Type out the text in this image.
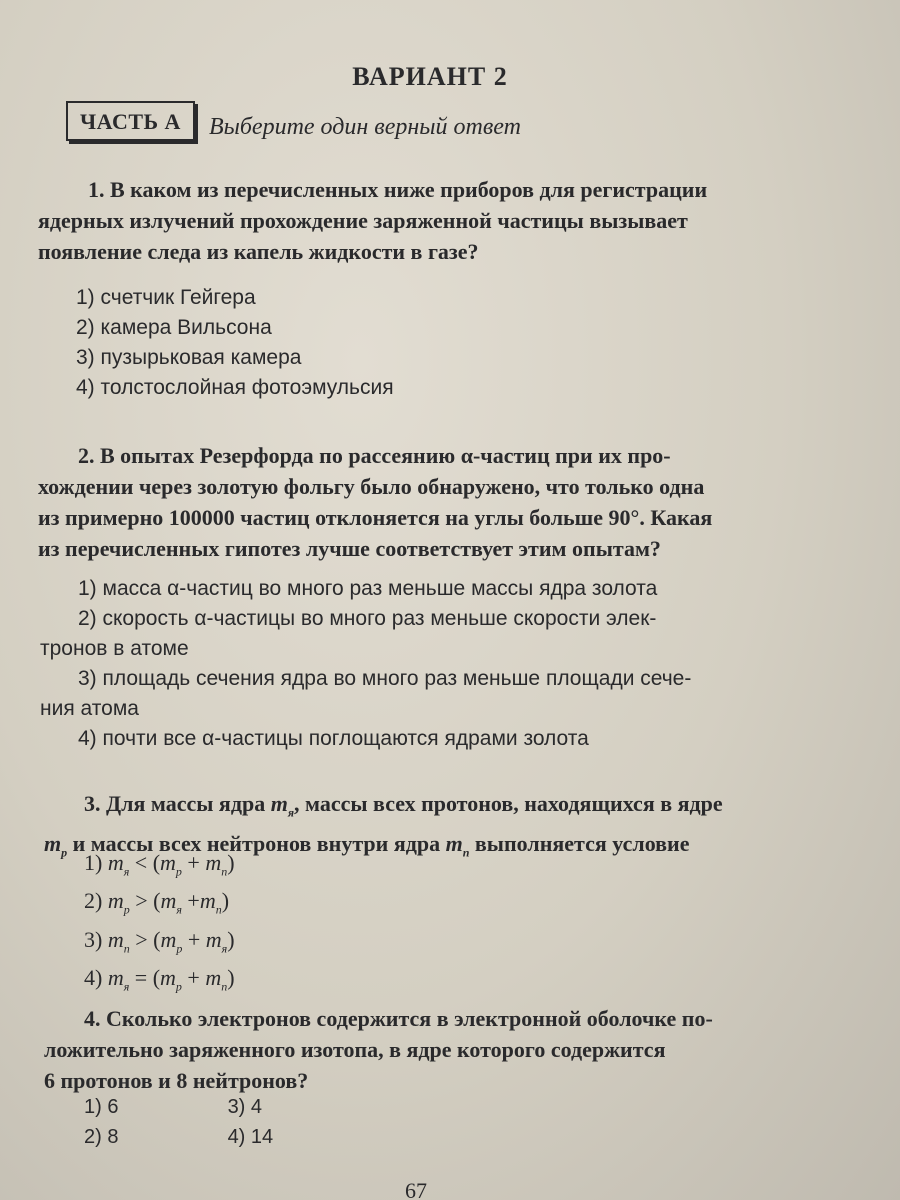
ВАРИАНТ 2
ЧАСТЬ А	Выберите один верный ответ
1. В каком из перечисленных ниже приборов для регистрации
ядерных излучений прохождение заряженной частицы вызывает
появление следа из капель жидкости в газе?
1) счетчик Гейгера
2) камера Вильсона
3) пузырьковая камера
4) толстослойная фотоэмульсия
2. В опытах Резерфорда по рассеянию α-частиц при их про-
хождении через золотую фольгу было обнаружено, что только одна
из примерно 100000 частиц отклоняется на углы больше 90°. Какая
из перечисленных гипотез лучше соответствует этим опытам?
1) масса α-частиц во много раз меньше массы ядра золота
2) скорость α-частицы во много раз меньше скорости элек-
тронов в атоме
3) площадь сечения ядра во много раз меньше площади сече-
ния атома
4) почти все α-частицы поглощаются ядрами золота
3. Для массы ядра $m_я$, массы всех протонов, находящихся в ядре
$m_р$ и массы всех нейтронов внутри ядра $m_n$ выполняется условие
1) $m_я < (m_р + m_n)$
2) $m_р > (m_я +m_n)$
3) $m_n > (m_р + m_я)$
4) $m_я = (m_р + m_n)$
4. Сколько электронов содержится в электронной оболочке по-
ложительно заряженного изотопа, в ядре которого содержится
6 протонов и 8 нейтронов?
1) 6
2) 8

3) 4
4) 14
67
